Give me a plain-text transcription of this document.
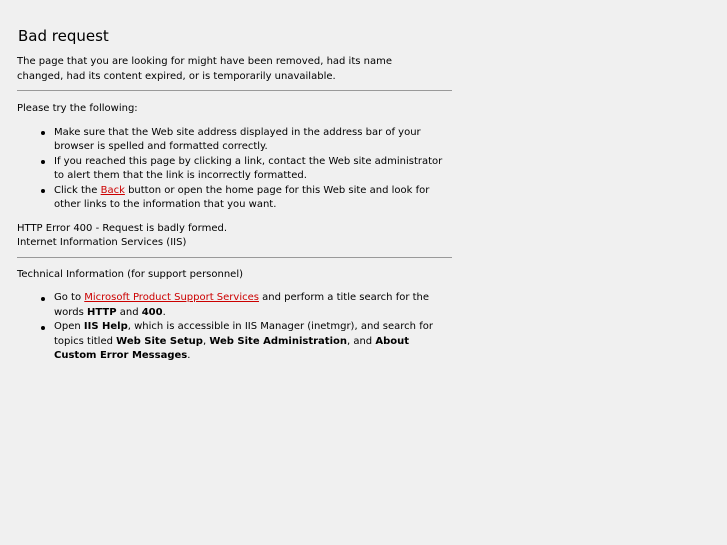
Bad request

The page that you are looking for might have been removed, had its name
changed, had its content expired, or is temporarily unavailable.

Please try the following:

Make sure that the Web site address displayed in the address bar of your browser is spelled and formatted correctly.
If you reached this page by clicking a link, contact the Web site administrator to alert them that the link is incorrectly formatted.
Click the Back button or open the home page for this Web site and look for other links to the information that you want.

HTTP Error 400 - Request is badly formed.
Internet Information Services (IIS)

Technical Information (for support personnel)

Go to Microsoft Product Support Services and perform a title search for the words HTTP and 400.
Open IIS Help, which is accessible in IIS Manager (inetmgr), and search for topics titled Web Site Setup, Web Site Administration, and About Custom Error Messages.
